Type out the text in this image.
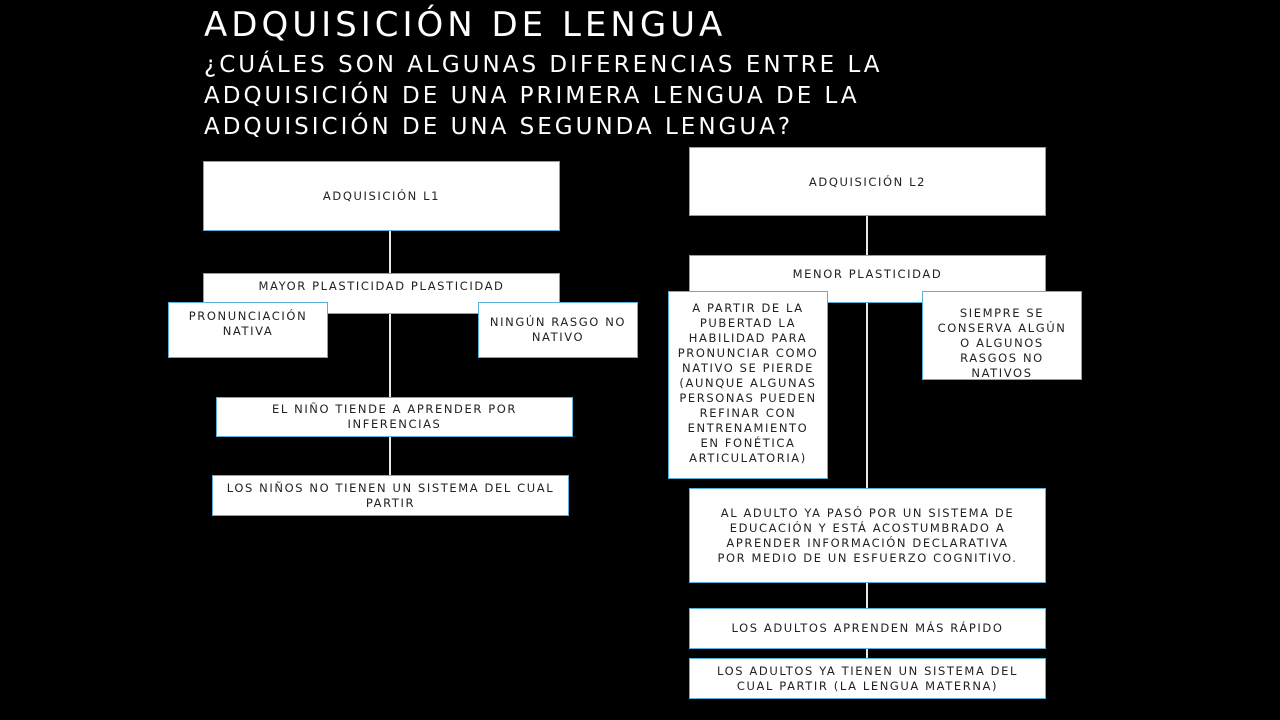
ADQUISICIÓN DE LENGUA
¿CUÁLES SON ALGUNAS DIFERENCIAS ENTRE LA
ADQUISICIÓN DE UNA PRIMERA LENGUA DE LA
ADQUISICIÓN DE UNA SEGUNDA LENGUA?
ADQUISICIÓN L1
MAYOR PLASTICIDAD PLASTICIDAD
PRONUNCIACIÓN NATIVA
NINGÚN RASGO NO NATIVO
EL NIÑO TIENDE A APRENDER POR INFERENCIAS
LOS NIÑOS NO TIENEN UN SISTEMA DEL CUAL PARTIR
ADQUISICIÓN L2
MENOR PLASTICIDAD
A PARTIR DE LA PUBERTAD LA HABILIDAD PARA PRONUNCIAR COMO NATIVO SE PIERDE (AUNQUE ALGUNAS PERSONAS PUEDEN REFINAR CON ENTRENAMIENTO EN FONÉTICA ARTICULATORIA)
SIEMPRE SE CONSERVA ALGÚN O ALGUNOS RASGOS NO NATIVOS
AL ADULTO YA PASÓ POR UN SISTEMA DE EDUCACIÓN Y ESTÁ ACOSTUMBRADO A APRENDER INFORMACIÓN DECLARATIVA POR MEDIO DE UN ESFUERZO COGNITIVO.
LOS ADULTOS APRENDEN MÁS RÁPIDO
LOS ADULTOS YA TIENEN UN SISTEMA DEL CUAL PARTIR (LA LENGUA MATERNA)
